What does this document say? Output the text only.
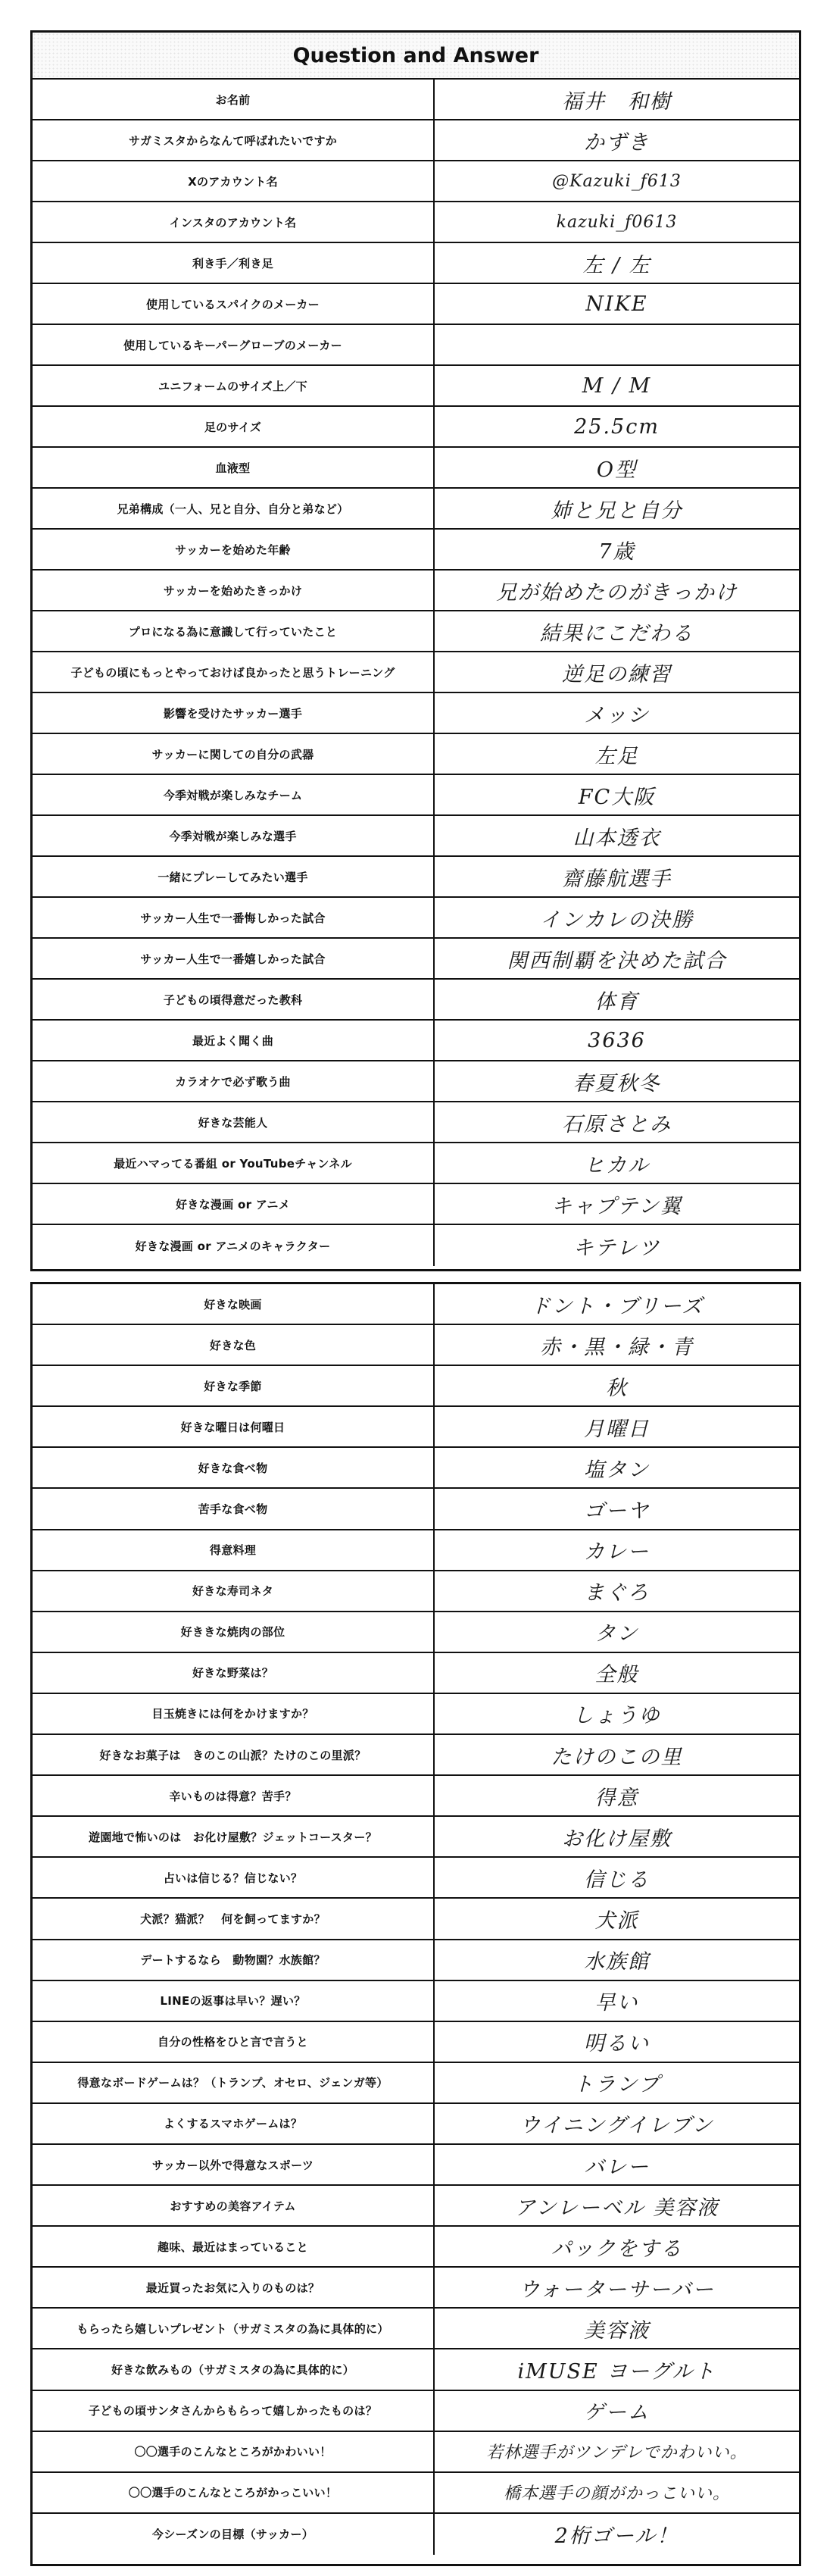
Question and Answer
お名前	福井　和樹
サガミスタからなんて呼ばれたいですか	かずき
Xのアカウント名	@Kazuki_f613
インスタのアカウント名	kazuki_f0613
利き手／利き足	左 / 左
使用しているスパイクのメーカー	NIKE
使用しているキーパーグローブのメーカー
ユニフォームのサイズ上／下	M / M
足のサイズ	25.5cm
血液型	O型
兄弟構成（一人、兄と自分、自分と弟など）	姉と兄と自分
サッカーを始めた年齢	7歳
サッカーを始めたきっかけ	兄が始めたのがきっかけ
プロになる為に意識して行っていたこと	結果にこだわる
子どもの頃にもっとやっておけば良かったと思うトレーニング	逆足の練習
影響を受けたサッカー選手	メッシ
サッカーに関しての自分の武器	左足
今季対戦が楽しみなチーム	FC大阪
今季対戦が楽しみな選手	山本透衣
一緒にプレーしてみたい選手	齋藤航選手
サッカー人生で一番悔しかった試合	インカレの決勝
サッカー人生で一番嬉しかった試合	関西制覇を決めた試合
子どもの頃得意だった教科	体育
最近よく聞く曲	3636
カラオケで必ず歌う曲	春夏秋冬
好きな芸能人	石原さとみ
最近ハマってる番組 or YouTubeチャンネル	ヒカル
好きな漫画 or アニメ	キャプテン翼
好きな漫画 or アニメのキャラクター	キテレツ
好きな映画	ドント・ブリーズ
好きな色	赤・黒・緑・青
好きな季節	秋
好きな曜日は何曜日	月曜日
好きな食べ物	塩タン
苦手な食べ物	ゴーヤ
得意料理	カレー
好きな寿司ネタ	まぐろ
好ききな焼肉の部位	タン
好きな野菜は？	全般
目玉焼きには何をかけますか？	しょうゆ
好きなお菓子は　きのこの山派？たけのこの里派？	たけのこの里
辛いものは得意？苦手？	得意
遊園地で怖いのは　お化け屋敷？ジェットコースター？	お化け屋敷
占いは信じる？信じない？	信じる
犬派？猫派？　何を飼ってますか？	犬派
デートするなら　動物園？水族館？	水族館
LINEの返事は早い？遅い？	早い
自分の性格をひと言で言うと	明るい
得意なボードゲームは？（トランプ、オセロ、ジェンガ等）	トランプ
よくするスマホゲームは？	ウイニングイレブン
サッカー以外で得意なスポーツ	バレー
おすすめの美容アイテム	アンレーベル 美容液
趣味、最近はまっていること	パックをする
最近買ったお気に入りのものは？	ウォーターサーバー
もらったら嬉しいプレゼント（サガミスタの為に具体的に）	美容液
好きな飲みもの（サガミスタの為に具体的に）	iMUSE ヨーグルト
子どもの頃サンタさんからもらって嬉しかったものは？	ゲーム
〇〇選手のこんなところがかわいい！	若林選手がツンデレでかわいい。
〇〇選手のこんなところがかっこいい！	橋本選手の顔がかっこいい。
今シーズンの目標（サッカー）	2桁ゴール！
